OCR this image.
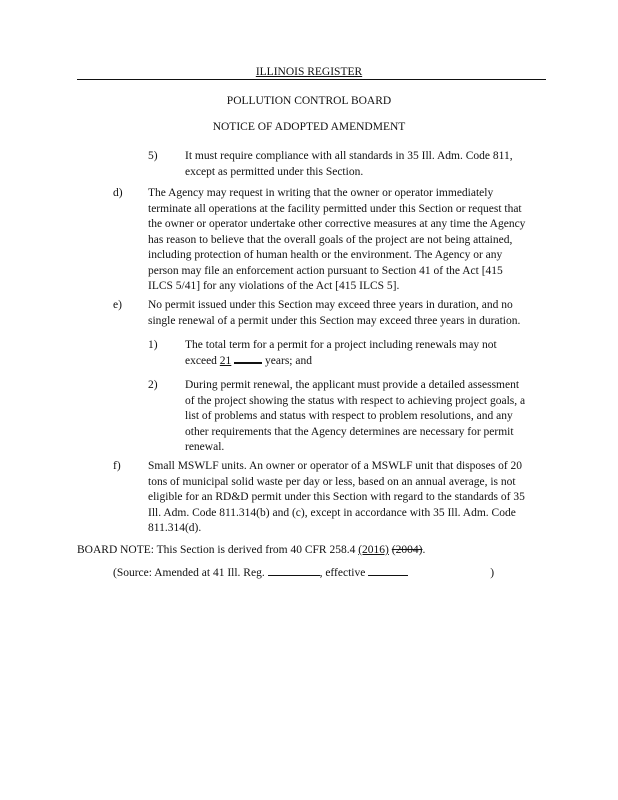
ILLINOIS REGISTER
POLLUTION CONTROL BOARD
NOTICE OF ADOPTED AMENDMENT
5) It must require compliance with all standards in 35 Ill. Adm. Code 811,
except as permitted under this Section.
d) The Agency may request in writing that the owner or operator immediately
terminate all operations at the facility permitted under this Section or request that
the owner or operator undertake other corrective measures at any time the Agency
has reason to believe that the overall goals of the project are not being attained,
including protection of human health or the environment. The Agency or any
person may file an enforcement action pursuant to Section 41 of the Act [415
ILCS 5/41] for any violations of the Act [415 ILCS 5].
e) No permit issued under this Section may exceed three years in duration, and no
single renewal of a permit under this Section may exceed three years in duration.
1) The total term for a permit for a project including renewals may not
exceed 21	years; and
2) During permit renewal, the applicant must provide a detailed assessment
of the project showing the status with respect to achieving project goals, a
list of problems and status with respect to problem resolutions, and any
other requirements that the Agency determines are necessary for permit
renewal.
f) Small MSWLF units. An owner or operator of a MSWLF unit that disposes of 20
tons of municipal solid waste per day or less, based on an annual average, is not
eligible for an RD&D permit under this Section with regard to the standards of 35
Ill. Adm. Code 811.314(b) and (c), except in accordance with 35 Ill. Adm. Code
811.314(d).
BOARD NOTE: This Section is derived from 40 CFR 258.4 (2016) (2004).
(Source: Amended at 41 Ill. Reg.	, effective	)
